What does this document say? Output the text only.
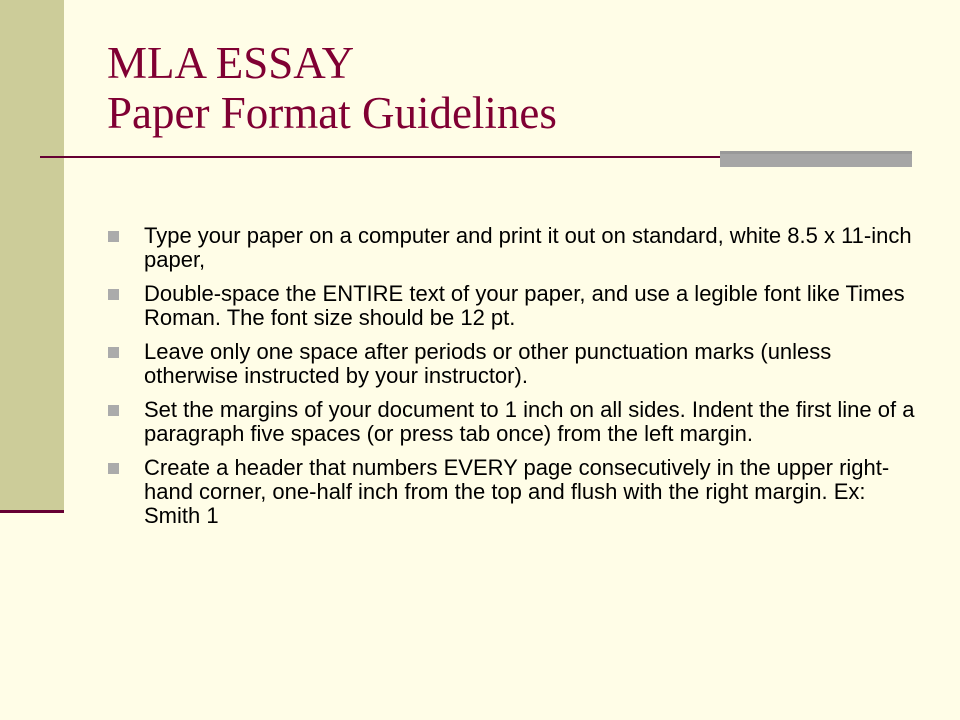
MLA ESSAY
Paper Format Guidelines
Type your paper on a computer and print it out on standard, white 8.5 x 11-inch paper,
Double-space the ENTIRE text of your paper, and use a legible font like Times Roman. The font size should be 12 pt.
Leave only one space after periods or other punctuation marks (unless otherwise instructed by your instructor).
Set the margins of your document to 1 inch on all sides. Indent the first line of a paragraph five spaces (or press tab once) from the left margin.
Create a header that numbers EVERY page consecutively in the upper right-hand corner, one-half inch from the top and flush with the right margin. Ex: Smith 1
